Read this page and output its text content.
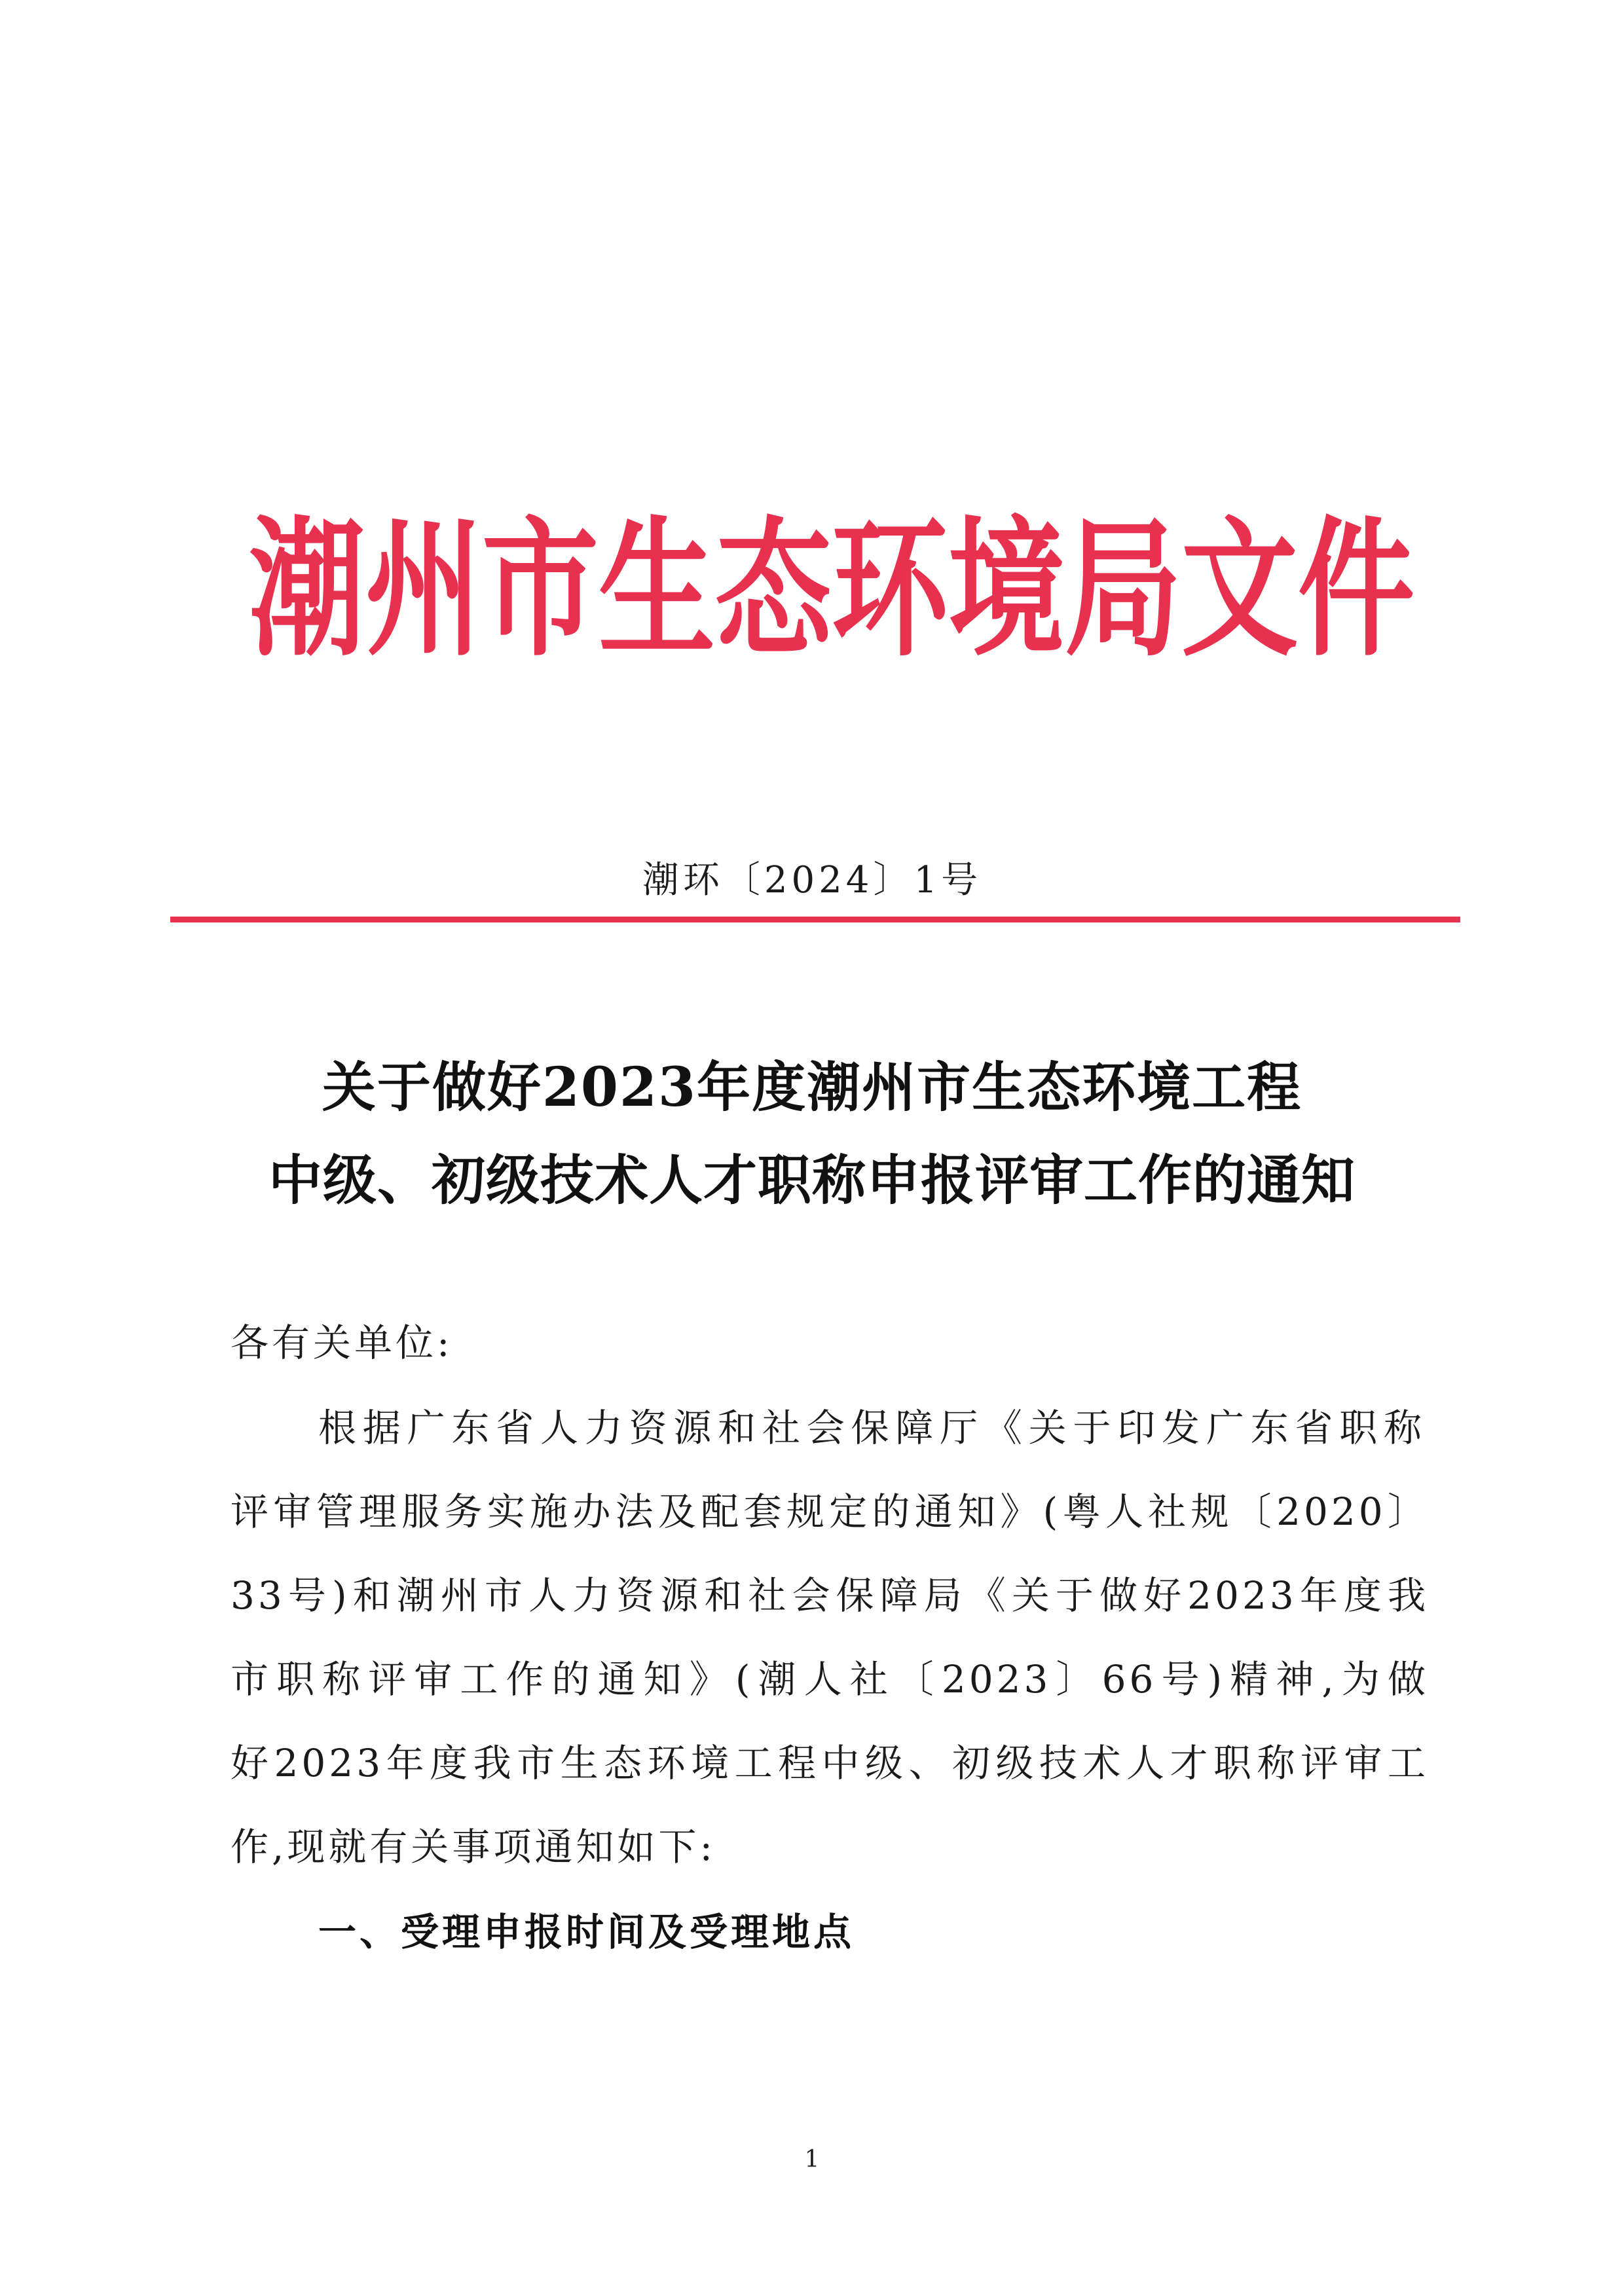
潮 州 市 生 态 环 境 局 文 件
潮环〔2024〕1号
关于做好2023年度潮州市生态环境工程
中级、初级技术人才职称申报评审工作的通知
各有关单位:
根据广东省人力资源和社会保障厅《关于印发广东省职称
评审管理服务实施办法及配套规定的通知》(粤人社规〔2020〕
33号)和潮州市人力资源和社会保障局《关于做好2023年度我
市职称评审工作的通知》(潮人社〔2023〕66号)精神,为做
好2023年度我市生态环境工程中级、初级技术人才职称评审工
作,现就有关事项通知如下:
一、受理申报时间及受理地点
1
